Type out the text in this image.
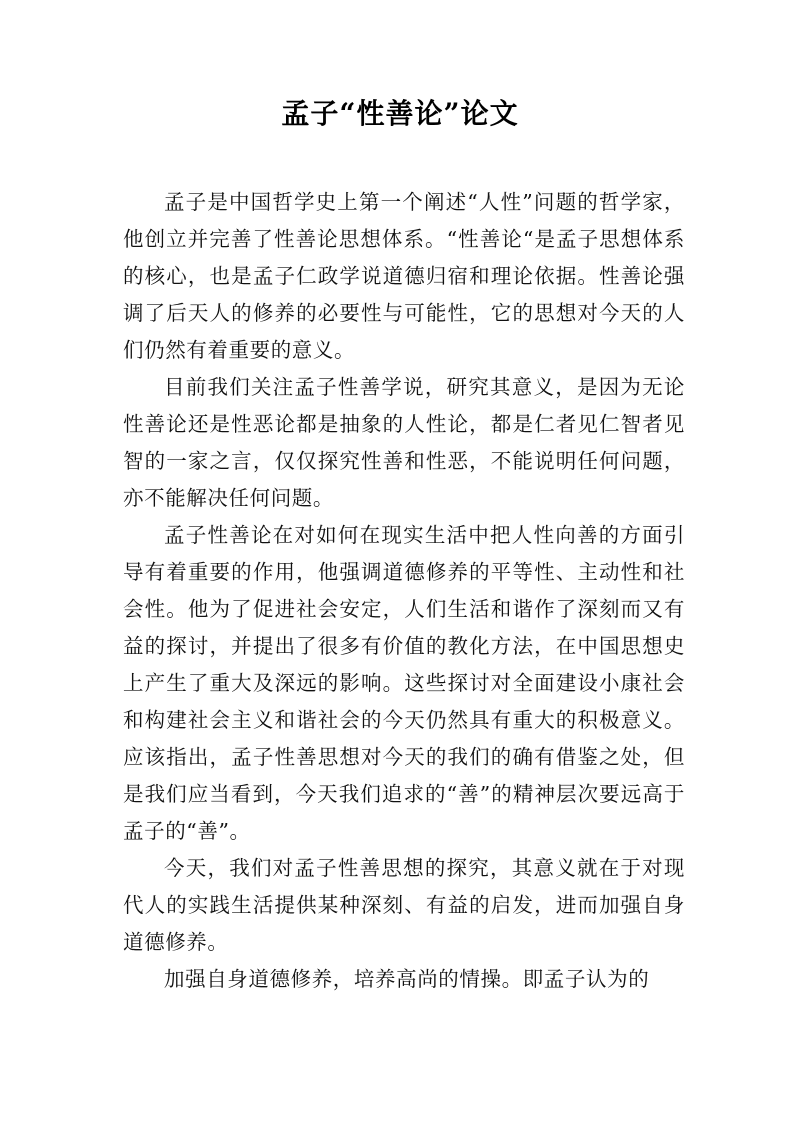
孟子“性善论”论文

孟子是中国哲学史上第一个阐述“人性”问题的哲学家，他创立并完善了性善论思想体系。“性善论“是孟子思想体系的核心，也是孟子仁政学说道德归宿和理论依据。性善论强调了后天人的修养的必要性与可能性，它的思想对今天的人们仍然有着重要的意义。

目前我们关注孟子性善学说，研究其意义，是因为无论性善论还是性恶论都是抽象的人性论，都是仁者见仁智者见智的一家之言，仅仅探究性善和性恶，不能说明任何问题，亦不能解决任何问题。

孟子性善论在对如何在现实生活中把人性向善的方面引导有着重要的作用，他强调道德修养的平等性、主动性和社会性。他为了促进社会安定，人们生活和谐作了深刻而又有益的探讨，并提出了很多有价值的教化方法，在中国思想史上产生了重大及深远的影响。这些探讨对全面建设小康社会和构建社会主义和谐社会的今天仍然具有重大的积极意义。应该指出，孟子性善思想对今天的我们的确有借鉴之处，但是我们应当看到，今天我们追求的“善”的精神层次要远高于孟子的“善”。

今天，我们对孟子性善思想的探究，其意义就在于对现代人的实践生活提供某种深刻、有益的启发，进而加强自身道德修养。

加强自身道德修养，培养高尚的情操。即孟子认为的
